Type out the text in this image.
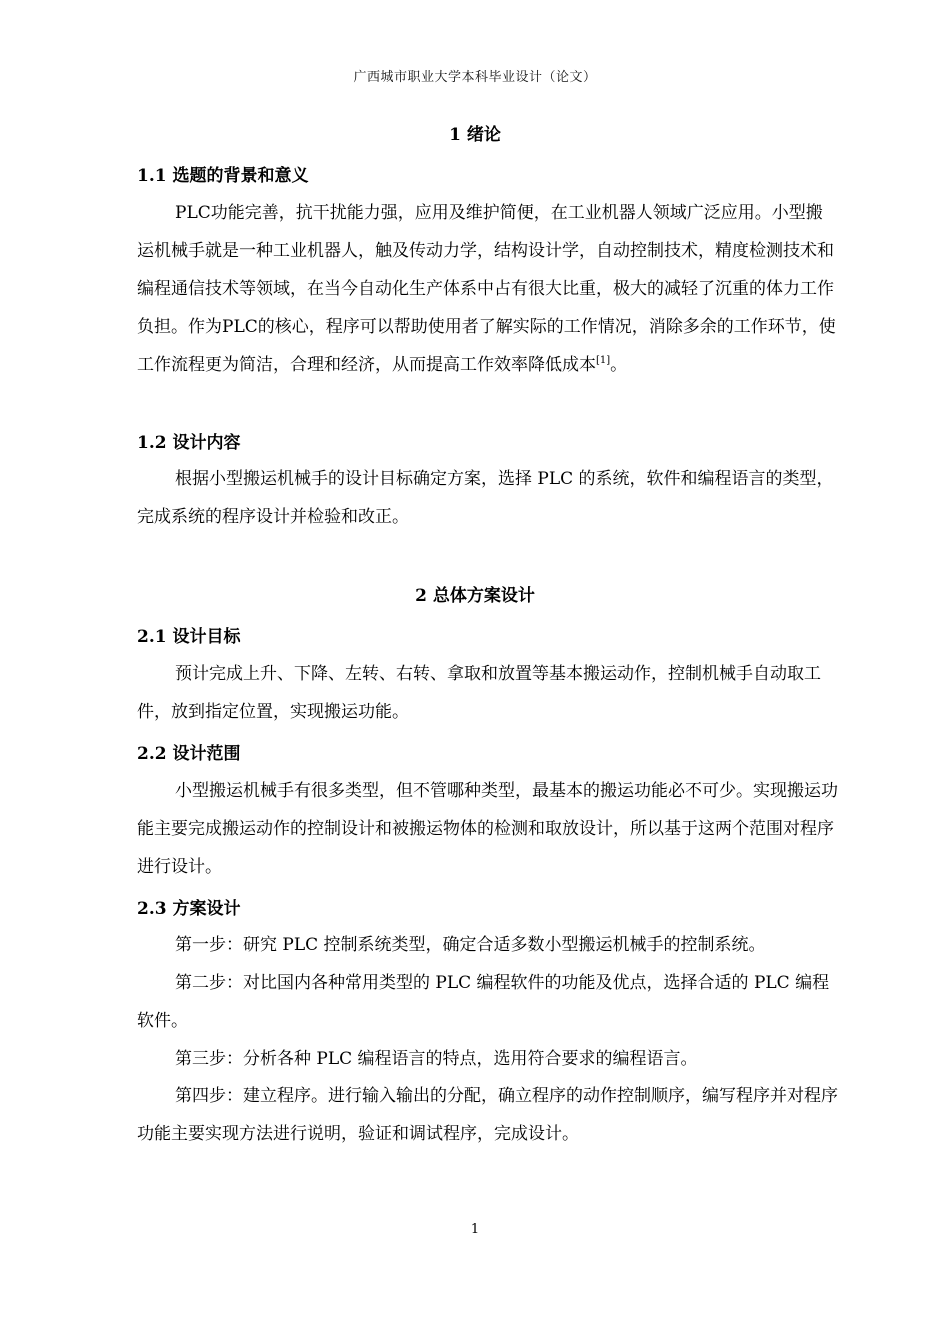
广西城市职业大学本科毕业设计（论文）
1 绪论
1.1 选题的背景和意义

PLC功能完善，抗干扰能力强，应用及维护简便，在工业机器人领域广泛应用。小型搬运机械手就是一种工业机器人，触及传动力学，结构设计学，自动控制技术，精度检测技术和编程通信技术等领域，在当今自动化生产体系中占有很大比重，极大的减轻了沉重的体力工作负担。作为PLC的核心，程序可以帮助使用者了解实际的工作情况，消除多余的工作环节，使工作流程更为简洁，合理和经济，从而提高工作效率降低成本[1]。

1.2 设计内容

根据小型搬运机械手的设计目标确定方案，选择 PLC 的系统，软件和编程语言的类型，完成系统的程序设计并检验和改正。

2 总体方案设计
2.1 设计目标

预计完成上升、下降、左转、右转、拿取和放置等基本搬运动作，控制机械手自动取工件，放到指定位置，实现搬运功能。

2.2 设计范围

小型搬运机械手有很多类型，但不管哪种类型，最基本的搬运功能必不可少。实现搬运功能主要完成搬运动作的控制设计和被搬运物体的检测和取放设计，所以基于这两个范围对程序进行设计。

2.3 方案设计

第一步：研究 PLC 控制系统类型，确定合适多数小型搬运机械手的控制系统。

第二步：对比国内各种常用类型的 PLC 编程软件的功能及优点，选择合适的 PLC 编程软件。

第三步：分析各种 PLC 编程语言的特点，选用符合要求的编程语言。

第四步：建立程序。进行输入输出的分配，确立程序的动作控制顺序，编写程序并对程序功能主要实现方法进行说明，验证和调试程序，完成设计。

1
